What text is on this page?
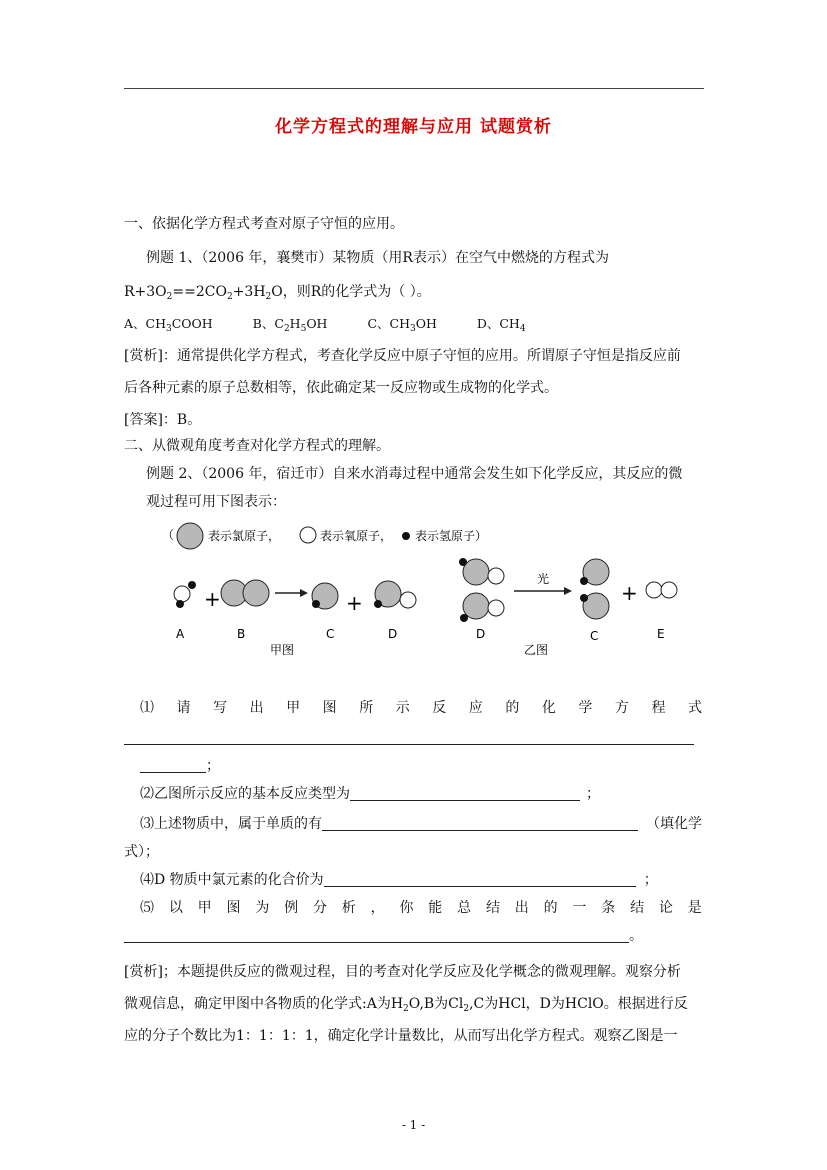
化学方程式的理解与应用 试题赏析
一、依据化学方程式考查对原子守恒的应用。
例题 1、（2006 年，襄樊市）某物质（用R表示）在空气中燃烧的方程式为
$R+3O_2==2CO_2+3H_2O$，则R的化学式为（ ）。
A、$CH_3COOH$	B、$C_2H_5OH$	C、$CH_3OH$	D、$CH_4$
[赏析]：通常提供化学方程式，考查化学反应中原子守恒的应用。所谓原子守恒是指反应前
后各种元素的原子总数相等，依此确定某一反应物或生成物的化学式。
[答案]：B。
二、从微观角度考查对化学方程式的理解。
例题 2、（2006 年，宿迁市）自来水消毒过程中通常会发生如下化学反应，其反应的微
观过程可用下图表示：
（	表示氯原子，	表示氧原子， 表示氢原子）
+	+
光
+
A	B	C	D	D	C	E
甲图	乙图
⑴ 请 写 出 甲 图 所 示 反 应 的 化 学 方 程 式
；
⑵乙图所示反应的基本反应类型为	；
⑶上述物质中，属于单质的有	（填化学
式）；
⑷D 物质中氯元素的化合价为	；
⑸ 以 甲 图 为 例 分 析 ， 你 能 总 结 出 的 一 条 结 论 是
。
[赏析]；本题提供反应的微观过程，目的考查对化学反应及化学概念的微观理解。观察分析
微观信息，确定甲图中各物质的化学式:A为$H_2O,B$为$Cl_2,C$为HCl，D为HClO。根据进行反
应的分子个数比为1：1：1：1，确定化学计量数比，从而写出化学方程式。观察乙图是一
- 1 -
